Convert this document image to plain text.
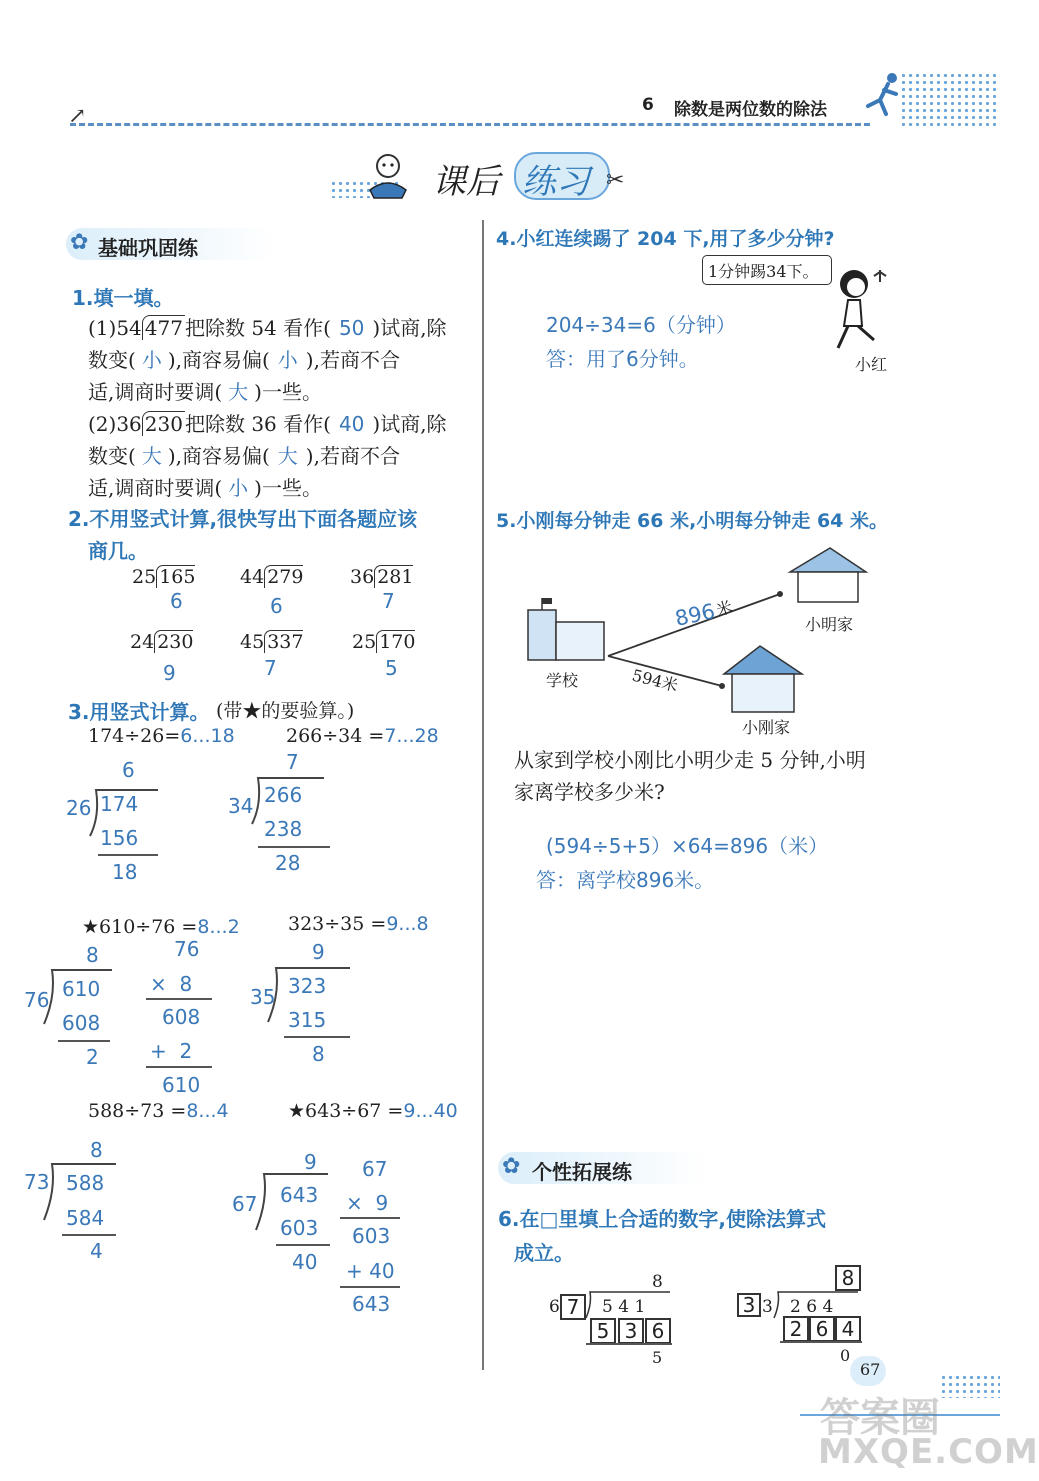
↗	6 除数是两位数的除法
课后 练习 ✂
✿ 基础巩固练
1.填一填。
(1)54 477 把除数 54 看作( 50 )试商,除
数变( 小 ),商容易偏( 小 ),若商不合
适,调商时要调( 大 )一些。
(2)36 230 把除数 36 看作( 40 )试商,除
数变( 大 ),商容易偏( 大 ),若商不合
适,调商时要调( 小 )一些。
2.不用竖式计算,很快写出下面各题应该
商几。
25 165
6
44 279
6
36 281
7
24 230
9
45 337
7
25 170
5
3.用竖式计算。 (带★的要验算。)
174÷26=6...18
6
26 174
156
18
266÷34 =7...28
7
34 266
238
28
★610÷76 =8...2
8
76 610
608
2
76
×  8
608
+  2
610
323÷35 =9...8
9
35 323
315
8
588÷73 =8...4
8
73 588
584
4
★643÷67 =9...40
9
67 643
603
40
67
×  9
603
+ 40
643
4.小红连续踢了 204 下,用了多少分钟?
1分钟踢34下。
小红
204÷34=6（分钟）
答：用了6分钟。
5.小刚每分钟走 66 米,小明每分钟走 64 米。
896
米
594米
学校
小明家
小刚家
从家到学校小刚比小明少走 5 分钟,小明
家离学校多少米?
(594÷5+5）×64=896（米）
答：离学校896米。
✿ 个性拓展练
6.在□里填上合适的数字,使除法算式
成立。
8
6 7	5 4 1
5 3 6
5
8
3 3 2 6 4
2 6 4
0
67
答案圈
MXQE.COM
